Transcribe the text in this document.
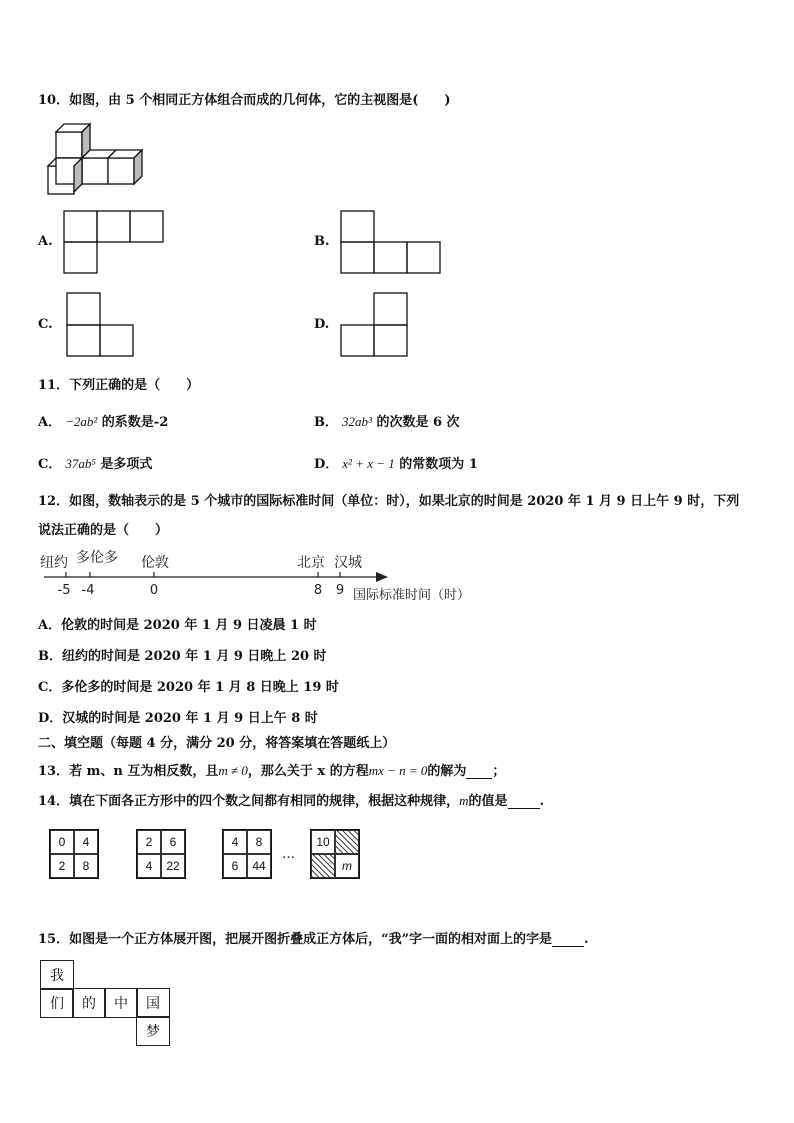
10．如图，由 5 个相同正方体组合而成的几何体，它的主视图是(　　)
A.	B.
C.	D.
11．下列正确的是（　　）
A． −2ab² 的系数是-2	B． 32ab³ 的次数是 6 次
C． 37ab⁵ 是多项式	D． x² + x − 1 的常数项为 1
12．如图，数轴表示的是 5 个城市的国际标准时间（单位：时），如果北京的时间是 2020 年 1 月 9 日上午 9 时，下列
说法正确的是（　　）
纽约 多伦多 伦敦	北京 汉城
-5 -4	0	8 9 国际标准时间（时）
A．伦敦的时间是 2020 年 1 月 9 日凌晨 1 时
B．纽约的时间是 2020 年 1 月 9 日晚上 20 时
C．多伦多的时间是 2020 年 1 月 8 日晚上 19 时
D．汉城的时间是 2020 年 1 月 9 日上午 8 时
二、填空题（每题 4 分，满分 20 分，将答案填在答题纸上）
13．若 m、n 互为相反数，且m ≠ 0，那么关于 x 的方程mx − n = 0的解为 ；
14．填在下面各正方形中的四个数之间都有相同的规律，根据这种规律，m的值是 .
0	4
2	8
2	6
4	22
4	8
6	44
…
10
m
15．如图是一个正方体展开图，把展开图折叠成正方体后，“我”字一面的相对面上的字是 .
我
们	的	中	国
梦
